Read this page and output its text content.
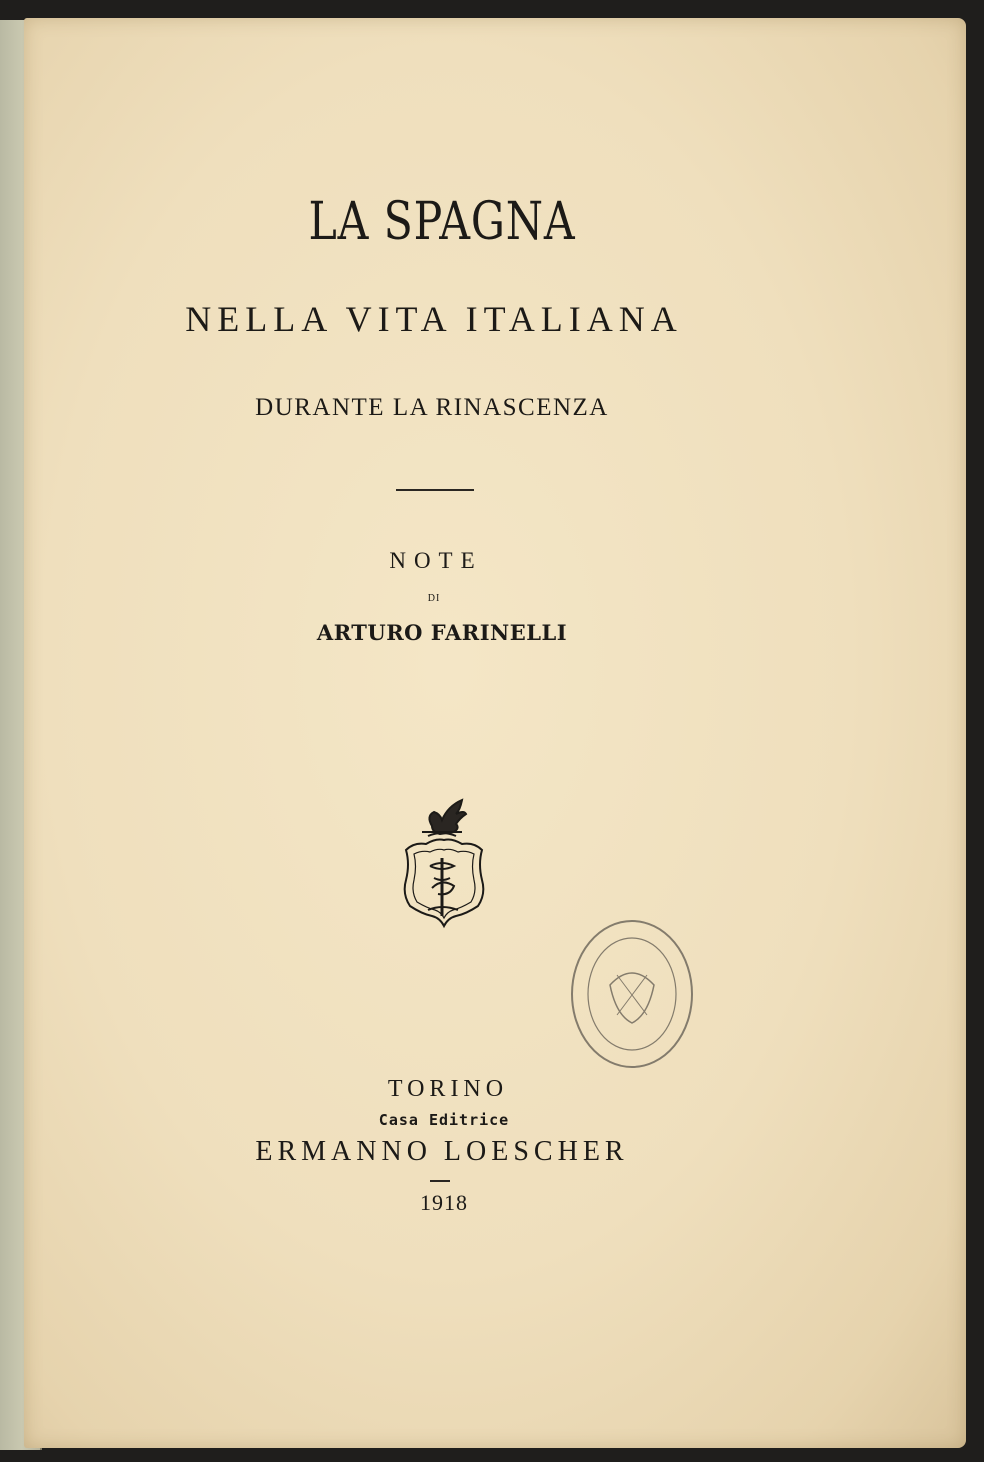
LA SPAGNA
NELLA VITA ITALIANA
DURANTE LA RINASCENZA
NOTE
DI
ARTURO FARINELLI
TORINO
Casa Editrice
ERMANNO LOESCHER
1918
